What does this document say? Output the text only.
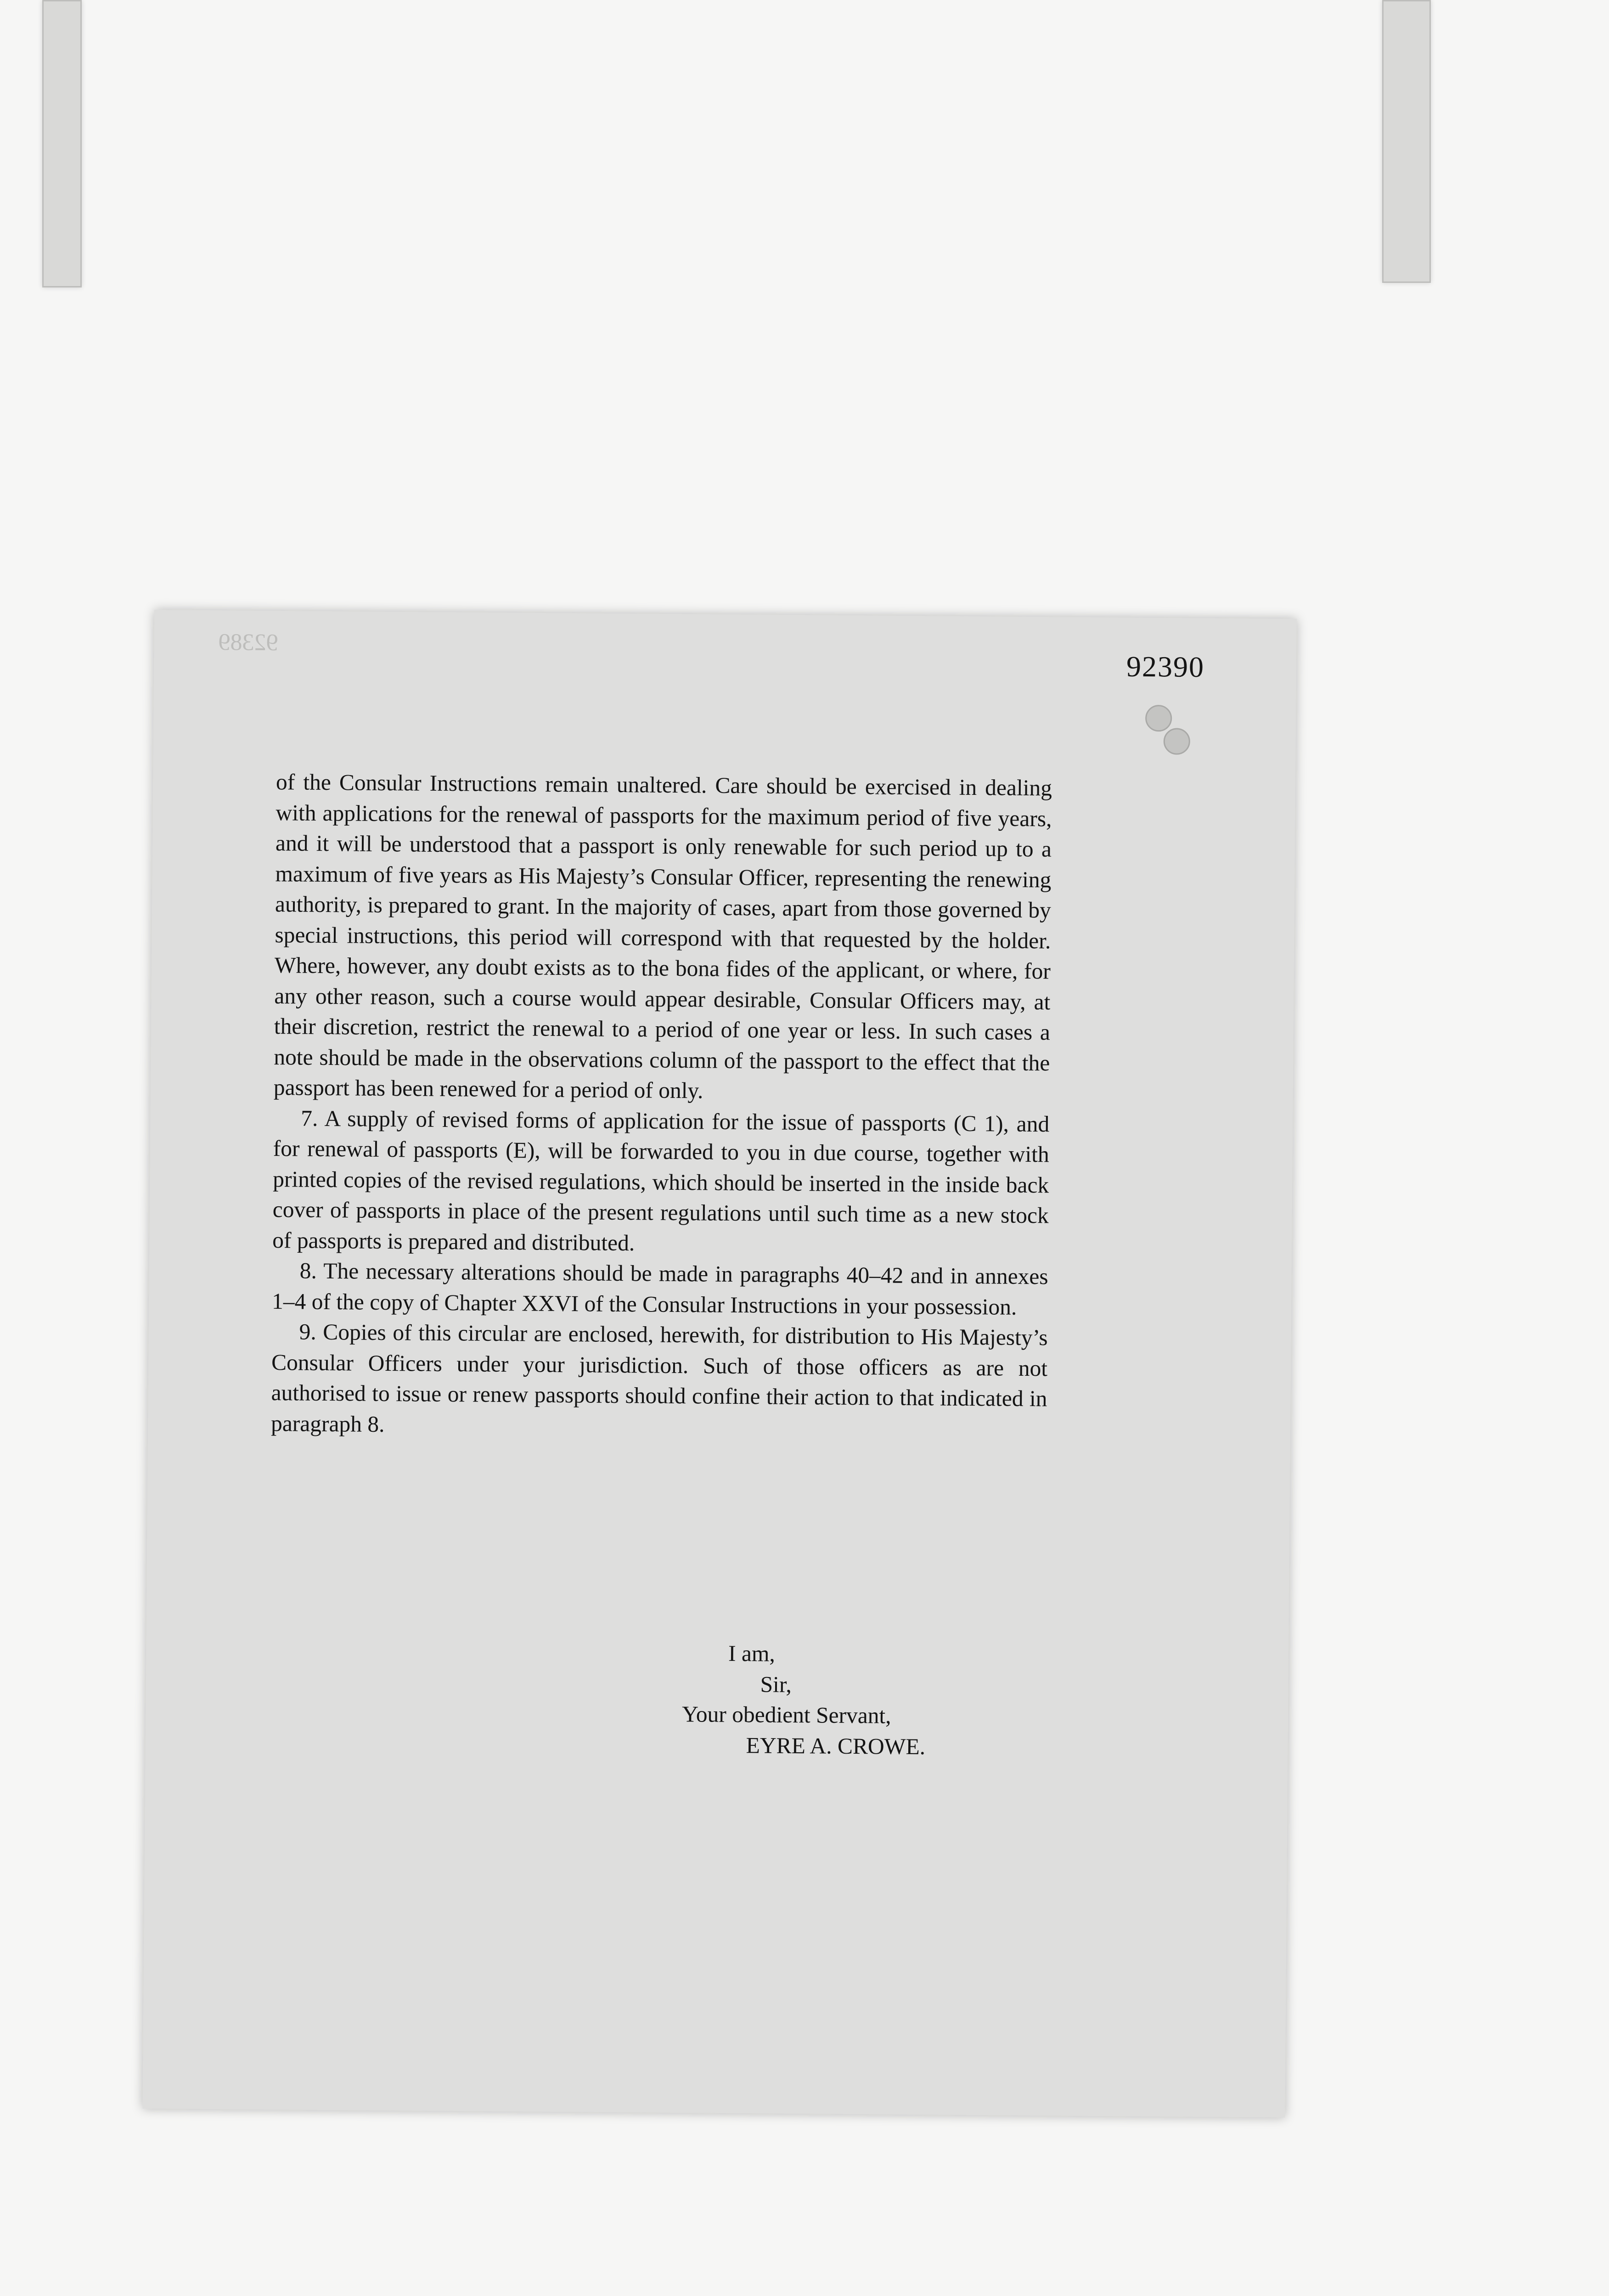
92390
92389

of the Consular Instructions remain unaltered. Care should be exercised in dealing with applications for the renewal of passports for the maximum period of five years, and it will be understood that a passport is only renewable for such period up to a maximum of five years as His Majesty’s Consular Officer, representing the renewing authority, is prepared to grant. In the majority of cases, apart from those governed by special instructions, this period will correspond with that requested by the holder. Where, however, any doubt exists as to the bona fides of the applicant, or where, for any other reason, such a course would appear desirable, Consular Officers may, at their discretion, restrict the renewal to a period of one year or less. In such cases a note should be made in the observations column of the passport to the effect that the passport has been renewed for a period of only.

7. A supply of revised forms of application for the issue of passports (C 1), and for renewal of passports (E), will be forwarded to you in due course, together with printed copies of the revised regulations, which should be inserted in the inside back cover of passports in place of the present regulations until such time as a new stock of passports is prepared and distributed.

8. The necessary alterations should be made in paragraphs 40–42 and in annexes 1–4 of the copy of Chapter XXVI of the Consular Instructions in your possession.

9. Copies of this circular are enclosed, herewith, for distribution to His Majesty’s Consular Officers under your jurisdiction. Such of those officers as are not authorised to issue or renew passports should confine their action to that indicated in paragraph 8.

I am,
Sir,
Your obedient Servant,
EYRE A. CROWE.
